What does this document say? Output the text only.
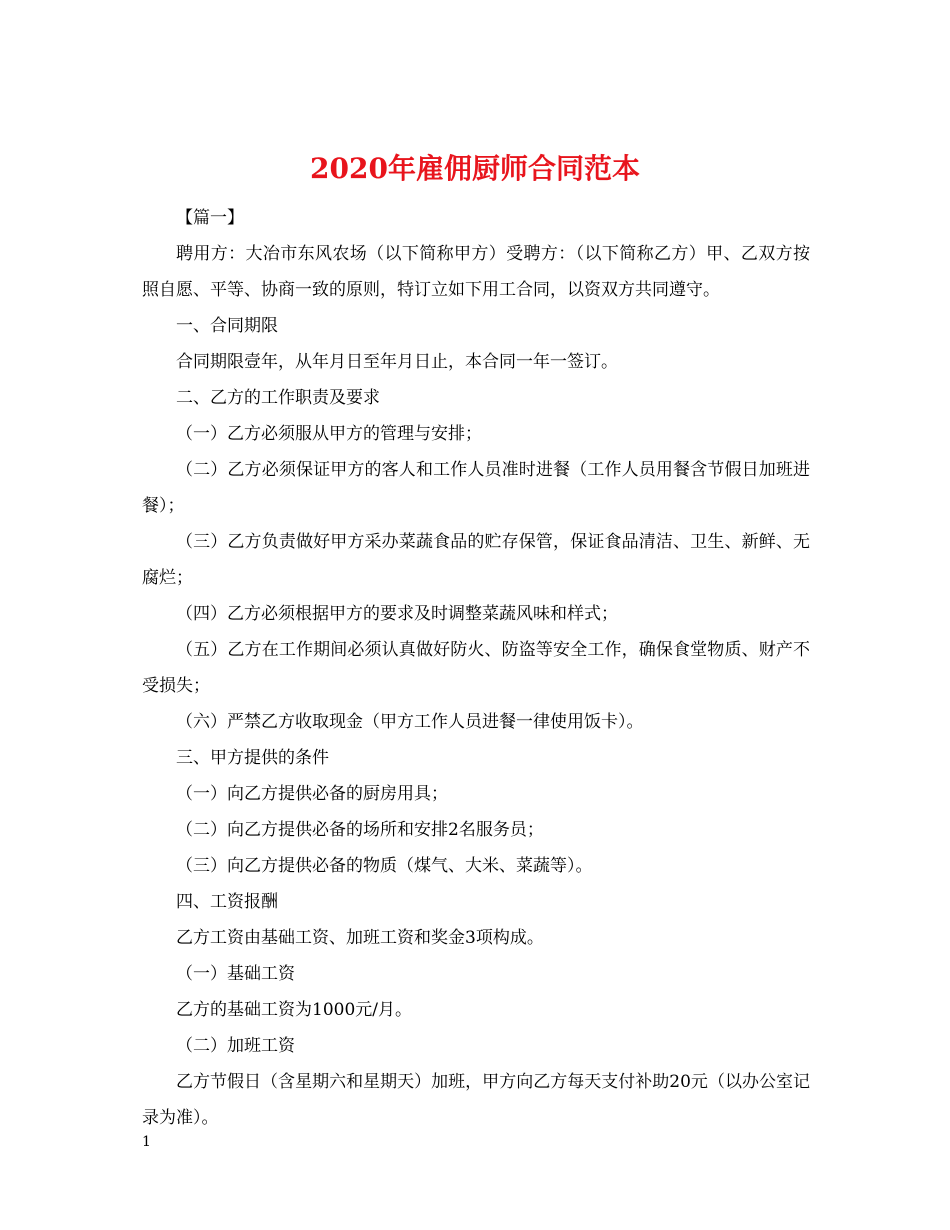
2020年雇佣厨师合同范本

【篇一】

聘用方：大冶市东风农场（以下简称甲方）受聘方：（以下简称乙方）甲、乙双方按照自愿、平等、协商一致的原则，特订立如下用工合同，以资双方共同遵守。

一、合同期限

合同期限壹年，从年月日至年月日止，本合同一年一签订。

二、乙方的工作职责及要求

（一）乙方必须服从甲方的管理与安排；

（二）乙方必须保证甲方的客人和工作人员准时进餐（工作人员用餐含节假日加班进餐）；

（三）乙方负责做好甲方采办菜蔬食品的贮存保管，保证食品清洁、卫生、新鲜、无腐烂；

（四）乙方必须根据甲方的要求及时调整菜蔬风味和样式；

（五）乙方在工作期间必须认真做好防火、防盗等安全工作，确保食堂物质、财产不受损失；

（六）严禁乙方收取现金（甲方工作人员进餐一律使用饭卡）。

三、甲方提供的条件

（一）向乙方提供必备的厨房用具；

（二）向乙方提供必备的场所和安排2名服务员；

（三）向乙方提供必备的物质（煤气、大米、菜蔬等）。

四、工资报酬

乙方工资由基础工资、加班工资和奖金3项构成。

（一）基础工资

乙方的基础工资为1000元/月。

（二）加班工资

乙方节假日（含星期六和星期天）加班，甲方向乙方每天支付补助20元（以办公室记录为准）。

1
